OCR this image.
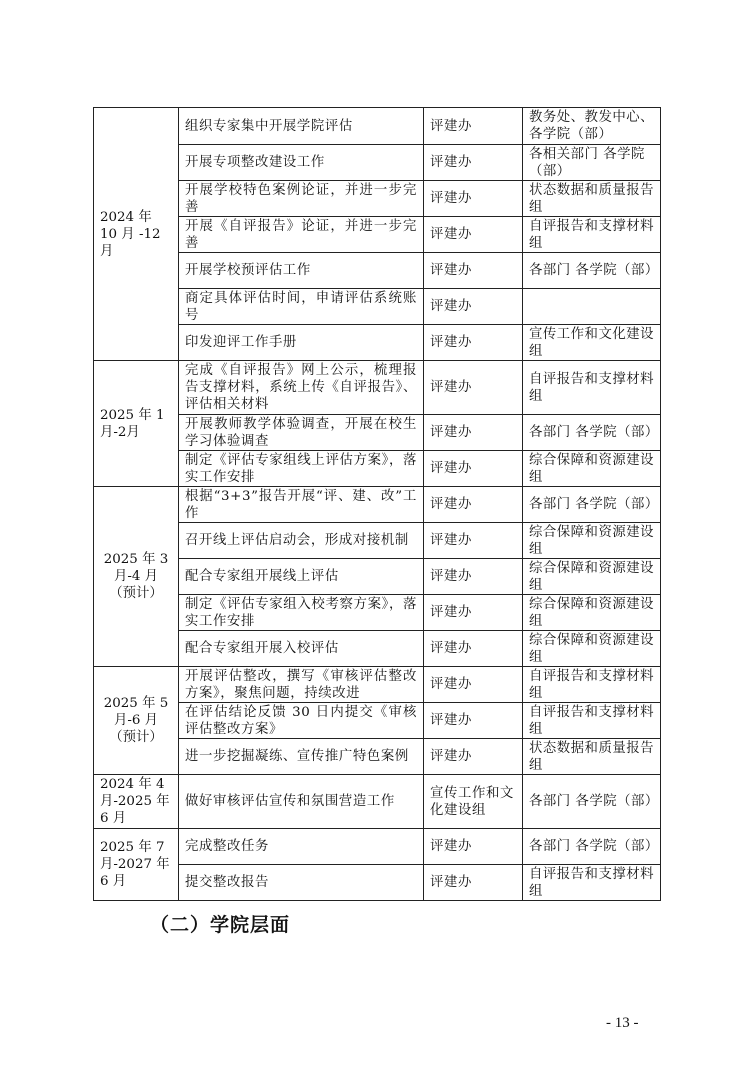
2024 年 10 月 -12 月	组织专家集中开展学院评估	评建办	教务处、教发中心、各学院（部）
	开展专项整改建设工作	评建办	各相关部门 各学院（部）
	开展学校特色案例论证，并进一步完善	评建办	状态数据和质量报告组
	开展《自评报告》论证，并进一步完善	评建办	自评报告和支撑材料组
	开展学校预评估工作	评建办	各部门 各学院（部）
	商定具体评估时间，申请评估系统账号	评建办	
	印发迎评工作手册	评建办	宣传工作和文化建设组
2025 年 1月-2月	完成《自评报告》网上公示，梳理报告支撑材料，系统上传《自评报告》、评估相关材料	评建办	自评报告和支撑材料组
	开展教师教学体验调查，开展在校生学习体验调查	评建办	各部门 各学院（部）
	制定《评估专家组线上评估方案》，落实工作安排	评建办	综合保障和资源建设组
2025 年 3 月-4 月 （预计）	根据“3+3”报告开展“评、建、改”工作	评建办	各部门 各学院（部）
	召开线上评估启动会，形成对接机制	评建办	综合保障和资源建设组
	配合专家组开展线上评估	评建办	综合保障和资源建设组
	制定《评估专家组入校考察方案》，落实工作安排	评建办	综合保障和资源建设组
	配合专家组开展入校评估	评建办	综合保障和资源建设组
2025 年 5 月-6 月 （预计）	开展评估整改，撰写《审核评估整改方案》，聚焦问题，持续改进	评建办	自评报告和支撑材料组
	在评估结论反馈 30 日内提交《审核评估整改方案》	评建办	自评报告和支撑材料组
	进一步挖掘凝练、宣传推广特色案例	评建办	状态数据和质量报告组
2024 年 4 月-2025 年 6 月	做好审核评估宣传和氛围营造工作	宣传工作和文化建设组	各部门 各学院（部）
2025 年 7 月-2027 年 6 月	完成整改任务	评建办	各部门 各学院（部）
	提交整改报告	评建办	自评报告和支撑材料组
（二）学院层面
- 13 -
